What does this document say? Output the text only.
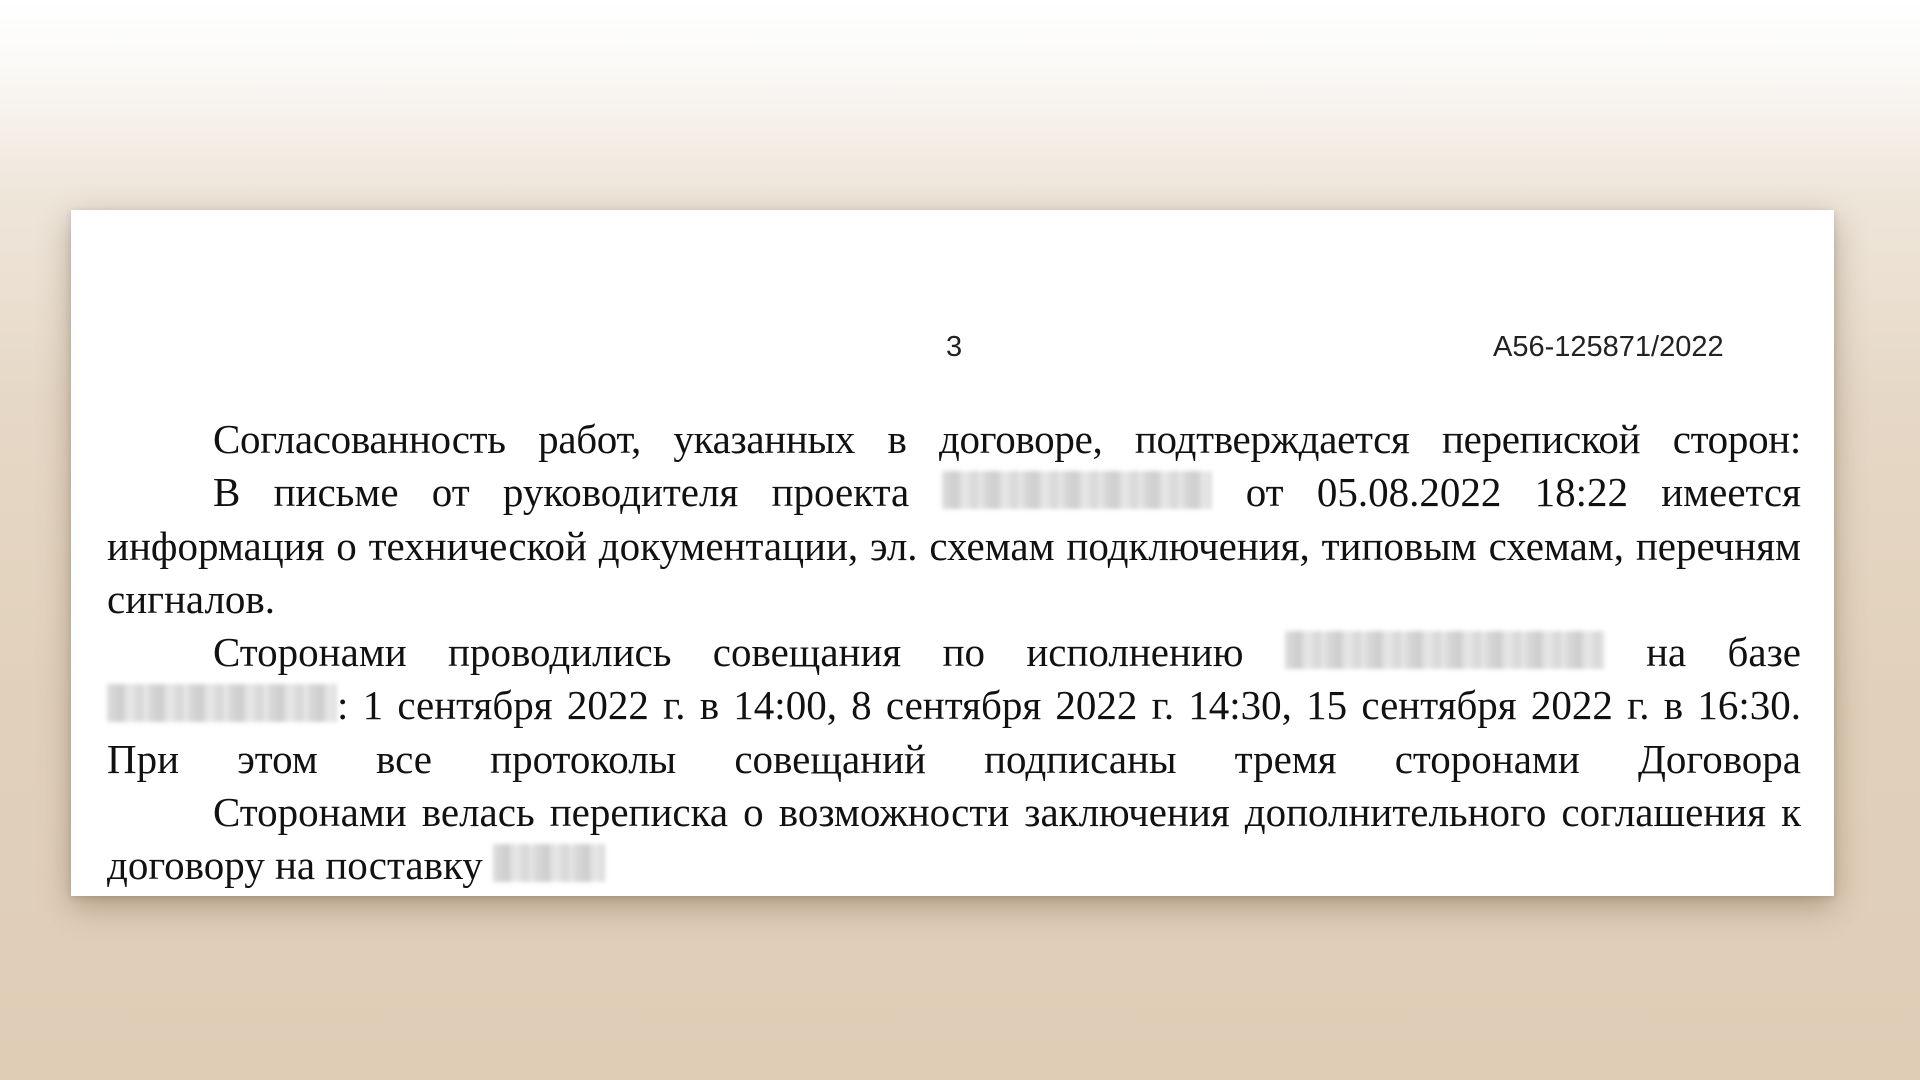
3	А56-125871/2022

Согласованность работ, указанных в договоре, подтверждается перепиской сторон:

В письме от руководителя проекта	от 05.08.2022 18:22 имеется информация о технической документации, эл. схемам подключения, типовым схемам, перечням сигналов.

Сторонами проводились совещания по исполнению	на базе : 1 сентября 2022 г. в 14:00, 8 сентября 2022 г. 14:30, 15 сентября 2022 г. в 16:30. При этом все протоколы совещаний подписаны тремя сторонами Договора

Сторонами велась переписка о возможности заключения дополнительного соглашения к договору на поставку
